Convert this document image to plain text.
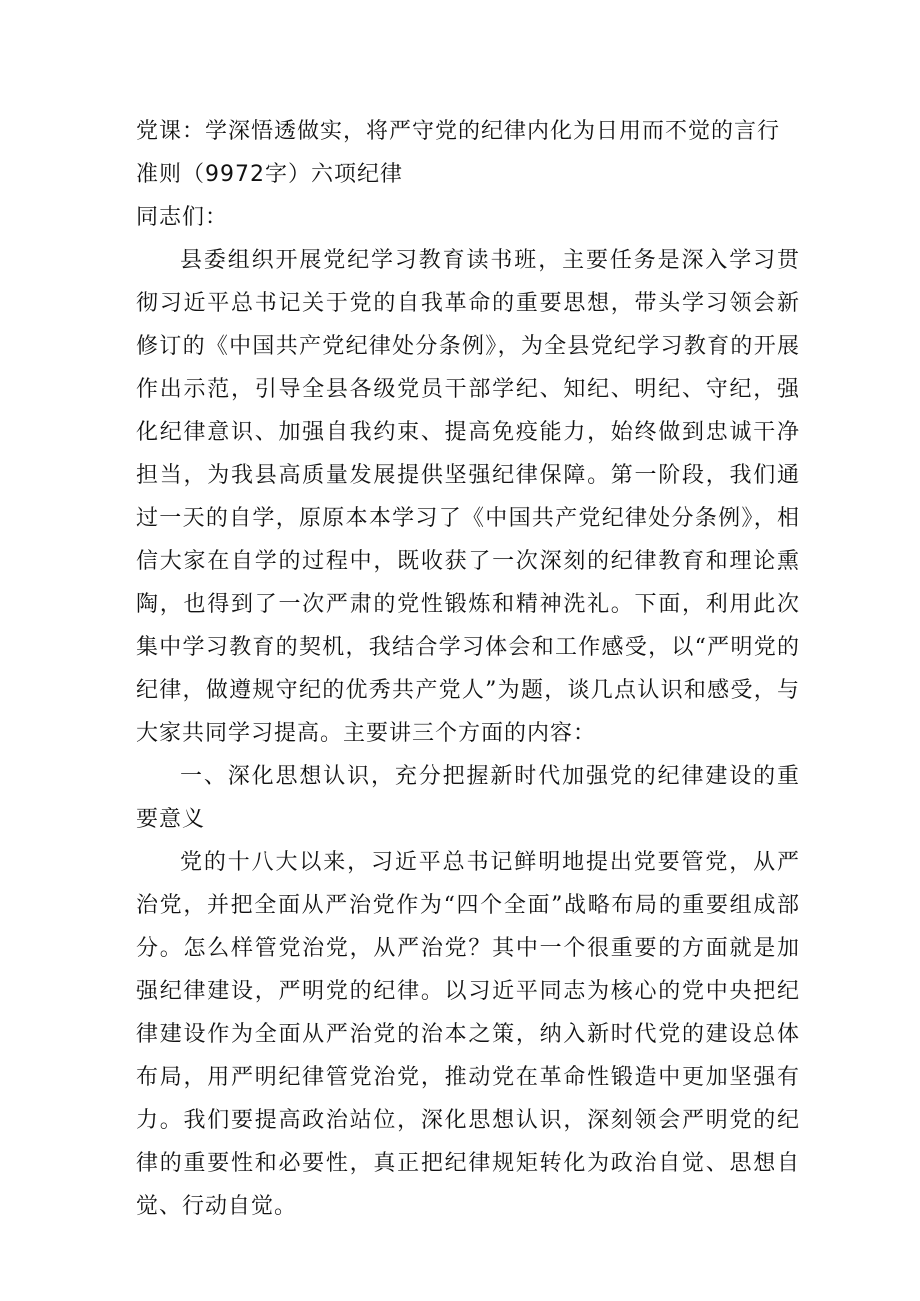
党课：学深悟透做实，将严守党的纪律内化为日用而不觉的言行准则（9972字）六项纪律

同志们：

县委组织开展党纪学习教育读书班，主要任务是深入学习贯彻习近平总书记关于党的自我革命的重要思想，带头学习领会新修订的《中国共产党纪律处分条例》，为全县党纪学习教育的开展作出示范，引导全县各级党员干部学纪、知纪、明纪、守纪，强化纪律意识、加强自我约束、提高免疫能力，始终做到忠诚干净担当，为我县高质量发展提供坚强纪律保障。第一阶段，我们通过一天的自学，原原本本学习了《中国共产党纪律处分条例》，相信大家在自学的过程中，既收获了一次深刻的纪律教育和理论熏陶，也得到了一次严肃的党性锻炼和精神洗礼。下面，利用此次集中学习教育的契机，我结合学习体会和工作感受，以“严明党的纪律，做遵规守纪的优秀共产党人”为题，谈几点认识和感受，与大家共同学习提高。主要讲三个方面的内容：

一、深化思想认识，充分把握新时代加强党的纪律建设的重要意义

党的十八大以来，习近平总书记鲜明地提出党要管党，从严治党，并把全面从严治党作为“四个全面”战略布局的重要组成部分。怎么样管党治党，从严治党？其中一个很重要的方面就是加强纪律建设，严明党的纪律。以习近平同志为核心的党中央把纪律建设作为全面从严治党的治本之策，纳入新时代党的建设总体布局，用严明纪律管党治党，推动党在革命性锻造中更加坚强有力。我们要提高政治站位，深化思想认识，深刻领会严明党的纪律的重要性和必要性，真正把纪律规矩转化为政治自觉、思想自觉、行动自觉。
